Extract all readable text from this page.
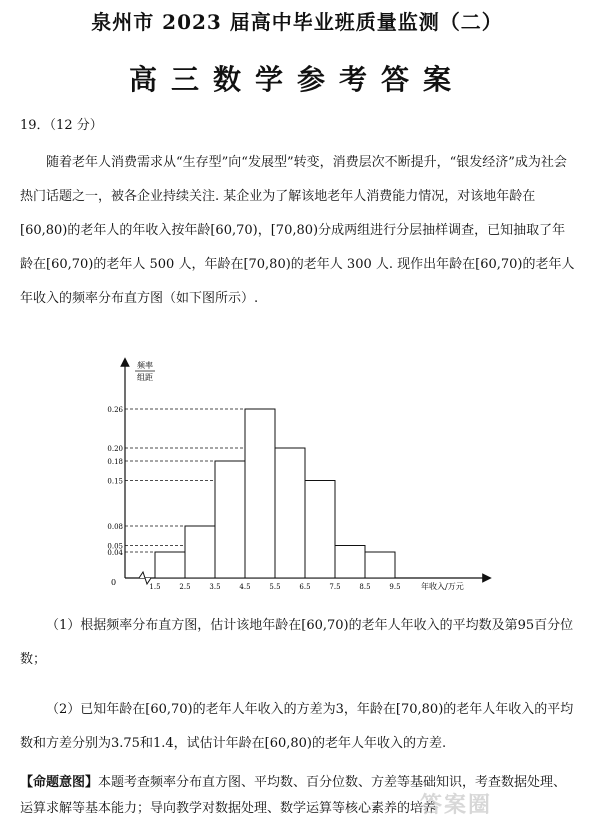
泉州市 2023 届高中毕业班质量监测（二）
高三数学参考答案
19．（12 分）
随着老年人消费需求从“生存型”向“发展型”转变，消费层次不断提升，“银发经济”成为社会热门话题之一，被各企业持续关注. 某企业为了解该地老年人消费能力情况，对该地年龄在[60,80)的老年人的年收入按年龄[60,70)，[70,80)分成两组进行分层抽样调查，已知抽取了年龄在[60,70)的老年人 500 人，年龄在[70,80)的老年人 300 人. 现作出年龄在[60,70)的老年人年收入的频率分布直方图（如下图所示）.
0
频率
组距
0.26
0.20
0.18
0.15
0.08
0.05
0.04
1.5	2.5	3.5	4.5	5.5	6.5	7.5	8.5	9.5	年收入/万元
（1）根据频率分布直方图，估计该地年龄在[60,70)的老年人年收入的平均数及第95百分位数；
（2）已知年龄在[60,70)的老年人年收入的方差为3，年龄在[70,80)的老年人年收入的平均数和方差分别为3.75和1.4，试估计年龄在[60,80)的老年人年收入的方差.
【命题意图】本题考查频率分布直方图、平均数、百分位数、方差等基础知识，考查数据处理、运算求解等基本能力；导向教学对数据处理、数学运算等核心素养的培养
答案圈
